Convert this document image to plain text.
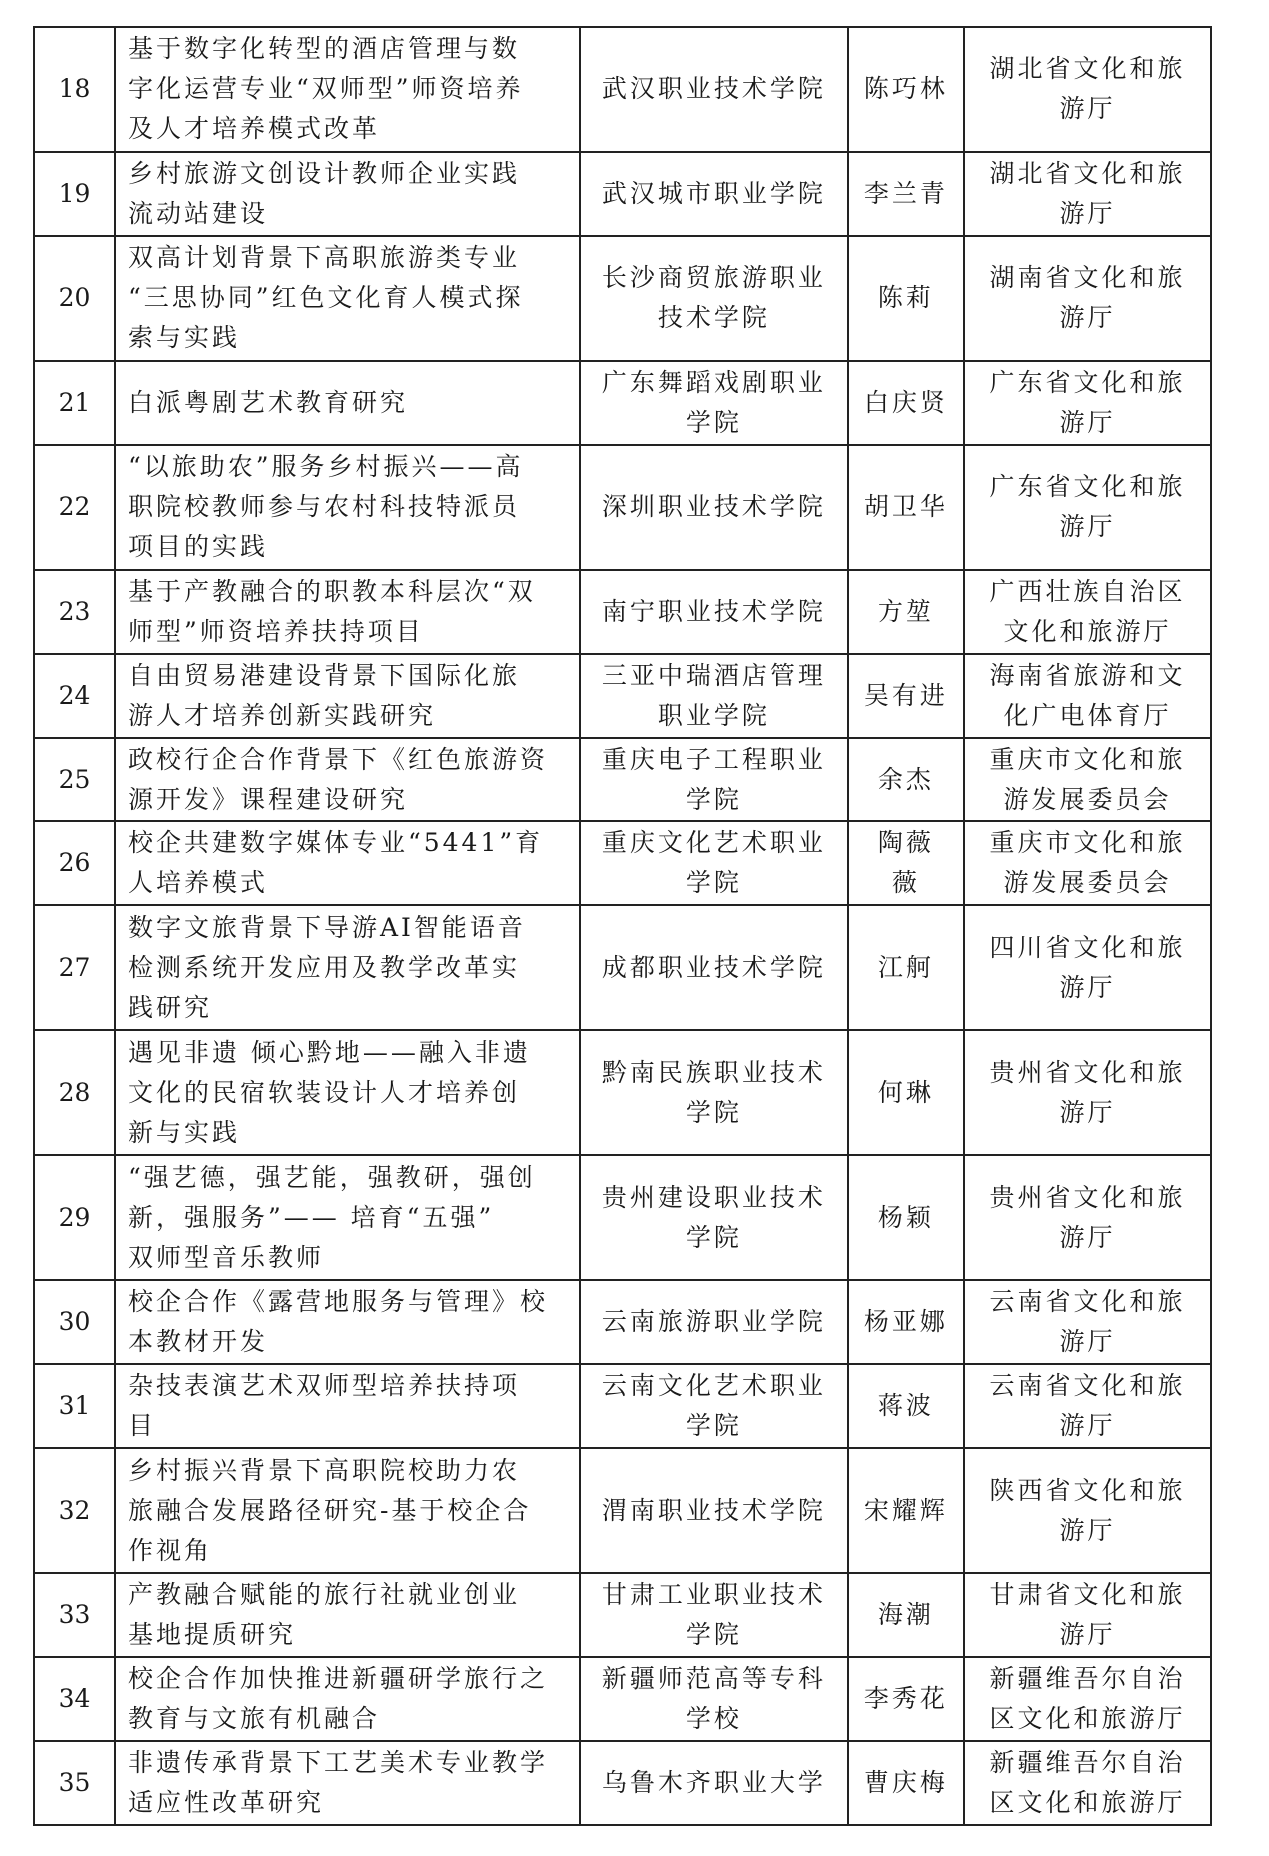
18	基于数字化转型的酒店管理与数
字化运营专业“双师型”师资培养
及人才培养模式改革	武汉职业技术学院	陈巧林	湖北省文化和旅
游厅

19	乡村旅游文创设计教师企业实践
流动站建设	武汉城市职业学院	李兰青	湖北省文化和旅
游厅

20	双高计划背景下高职旅游类专业
“三思协同”红色文化育人模式探
索与实践	长沙商贸旅游职业
技术学院	陈莉	湖南省文化和旅
游厅

21	白派粤剧艺术教育研究	广东舞蹈戏剧职业
学院	白庆贤	广东省文化和旅
游厅

22	“以旅助农”服务乡村振兴——高
职院校教师参与农村科技特派员
项目的实践	深圳职业技术学院	胡卫华	广东省文化和旅
游厅

23	基于产教融合的职教本科层次“双
师型”师资培养扶持项目	南宁职业技术学院	方堃	广西壮族自治区
文化和旅游厅

24	自由贸易港建设背景下国际化旅
游人才培养创新实践研究	三亚中瑞酒店管理
职业学院	吴有进	海南省旅游和文
化广电体育厅

25	政校行企合作背景下《红色旅游资
源开发》课程建设研究	重庆电子工程职业
学院	余杰	重庆市文化和旅
游发展委员会

26	校企共建数字媒体专业“5441”育
人培养模式	重庆文化艺术职业
学院	陶薇
薇	重庆市文化和旅
游发展委员会

27	数字文旅背景下导游AI智能语音
检测系统开发应用及教学改革实
践研究	成都职业技术学院	江舸	四川省文化和旅
游厅

28	遇见非遗 倾心黔地——融入非遗
文化的民宿软装设计人才培养创
新与实践	黔南民族职业技术
学院	何琳	贵州省文化和旅
游厅

29	“强艺德，强艺能，强教研，强创
新，强服务”—— 培育“五强”
双师型音乐教师	贵州建设职业技术
学院	杨颖	贵州省文化和旅
游厅

30	校企合作《露营地服务与管理》校
本教材开发	云南旅游职业学院	杨亚娜	云南省文化和旅
游厅

31	杂技表演艺术双师型培养扶持项
目	云南文化艺术职业
学院	蒋波	云南省文化和旅
游厅

32	乡村振兴背景下高职院校助力农
旅融合发展路径研究-基于校企合
作视角	渭南职业技术学院	宋耀辉	陕西省文化和旅
游厅

33	产教融合赋能的旅行社就业创业
基地提质研究	甘肃工业职业技术
学院	海潮	甘肃省文化和旅
游厅

34	校企合作加快推进新疆研学旅行之
教育与文旅有机融合	新疆师范高等专科
学校	李秀花	新疆维吾尔自治
区文化和旅游厅

35	非遗传承背景下工艺美术专业教学
适应性改革研究	乌鲁木齐职业大学	曹庆梅	新疆维吾尔自治
区文化和旅游厅
